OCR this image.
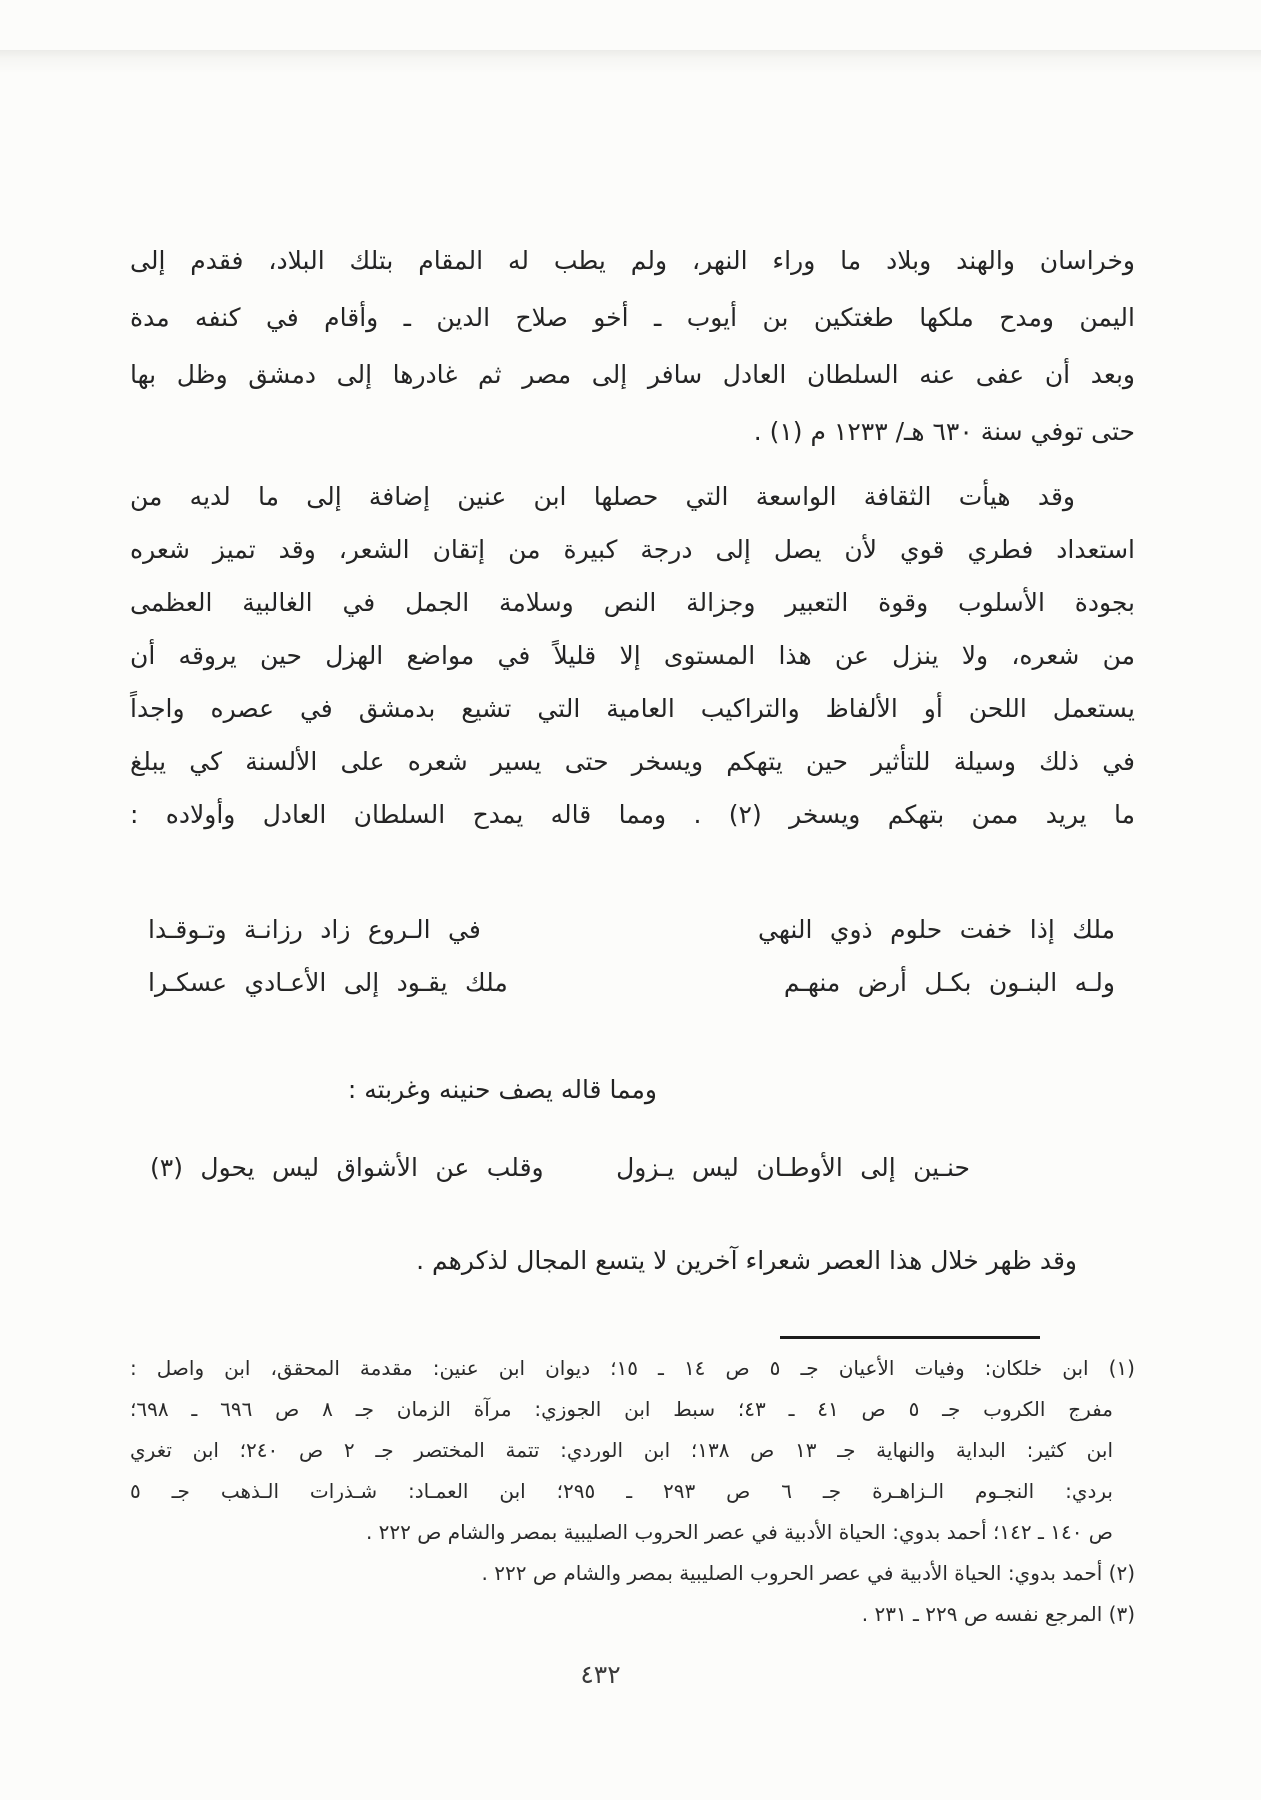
وخراسان والهند وبلاد ما وراء النهر، ولم يطب له المقام بتلك البلاد، فقدم إلى
اليمن ومدح ملكها طغتكين بن أيوب ـ أخو صلاح الدين ـ وأقام في كنفه مدة
وبعد أن عفى عنه السلطان العادل سافر إلى مصر ثم غادرها إلى دمشق وظل بها
حتى توفي سنة ٦٣٠ هـ/ ١٢٣٣ م (١) .
وقد هيأت الثقافة الواسعة التي حصلها ابن عنين إضافة إلى ما لديه من
استعداد فطري قوي لأن يصل إلى درجة كبيرة من إتقان الشعر، وقد تميز شعره
بجودة الأسلوب وقوة التعبير وجزالة النص وسلامة الجمل في الغالبية العظمى
من شعره، ولا ينزل عن هذا المستوى إلا قليلاً في مواضع الهزل حين يروقه أن
يستعمل اللحن أو الألفاظ والتراكيب العامية التي تشيع بدمشق في عصره واجداً
في ذلك وسيلة للتأثير حين يتهكم ويسخر حتى يسير شعره على الألسنة كي يبلغ
ما يريد ممن بتهكم ويسخر (٢) . ومما قاله يمدح السلطان العادل وأولاده :
ملك إذا خفت حلوم ذوي النهي
في الـروع زاد رزانـة وتـوقـدا
ولـه البنـون بكـل أرض منهـم
ملك يقـود إلى الأعـادي عسكـرا
ومما قاله يصف حنينه وغربته :
حنـين إلى الأوطـان ليس يـزول
وقلب عن الأشواق ليس يحول (٣)
وقد ظهر خلال هذا العصر شعراء آخرين لا يتسع المجال لذكرهم .
(١) ابن خلكان: وفيات الأعيان جـ ٥ ص ١٤ ـ ١٥؛ ديوان ابن عنين: مقدمة المحقق، ابن واصل :
مفرج الكروب جـ ٥ ص ٤١ ـ ٤٣؛ سبط ابن الجوزي: مرآة الزمان جـ ٨ ص ٦٩٦ ـ ٦٩٨؛
ابن كثير: البداية والنهاية جـ ١٣ ص ١٣٨؛ ابن الوردي: تتمة المختصر جـ ٢ ص ٢٤٠؛ ابن تغري
بردي: النجـوم الـزاهـرة جـ ٦ ص ٢٩٣ ـ ٢٩٥؛ ابن العمـاد: شـذرات الـذهب جـ ٥
ص ١٤٠ ـ ١٤٢؛ أحمد بدوي: الحياة الأدبية في عصر الحروب الصليبية بمصر والشام ص ٢٢٢ .
(٢) أحمد بدوي: الحياة الأدبية في عصر الحروب الصليبية بمصر والشام ص ٢٢٢ .
(٣) المرجع نفسه ص ٢٢٩ ـ ٢٣١ .
٤٣٢
